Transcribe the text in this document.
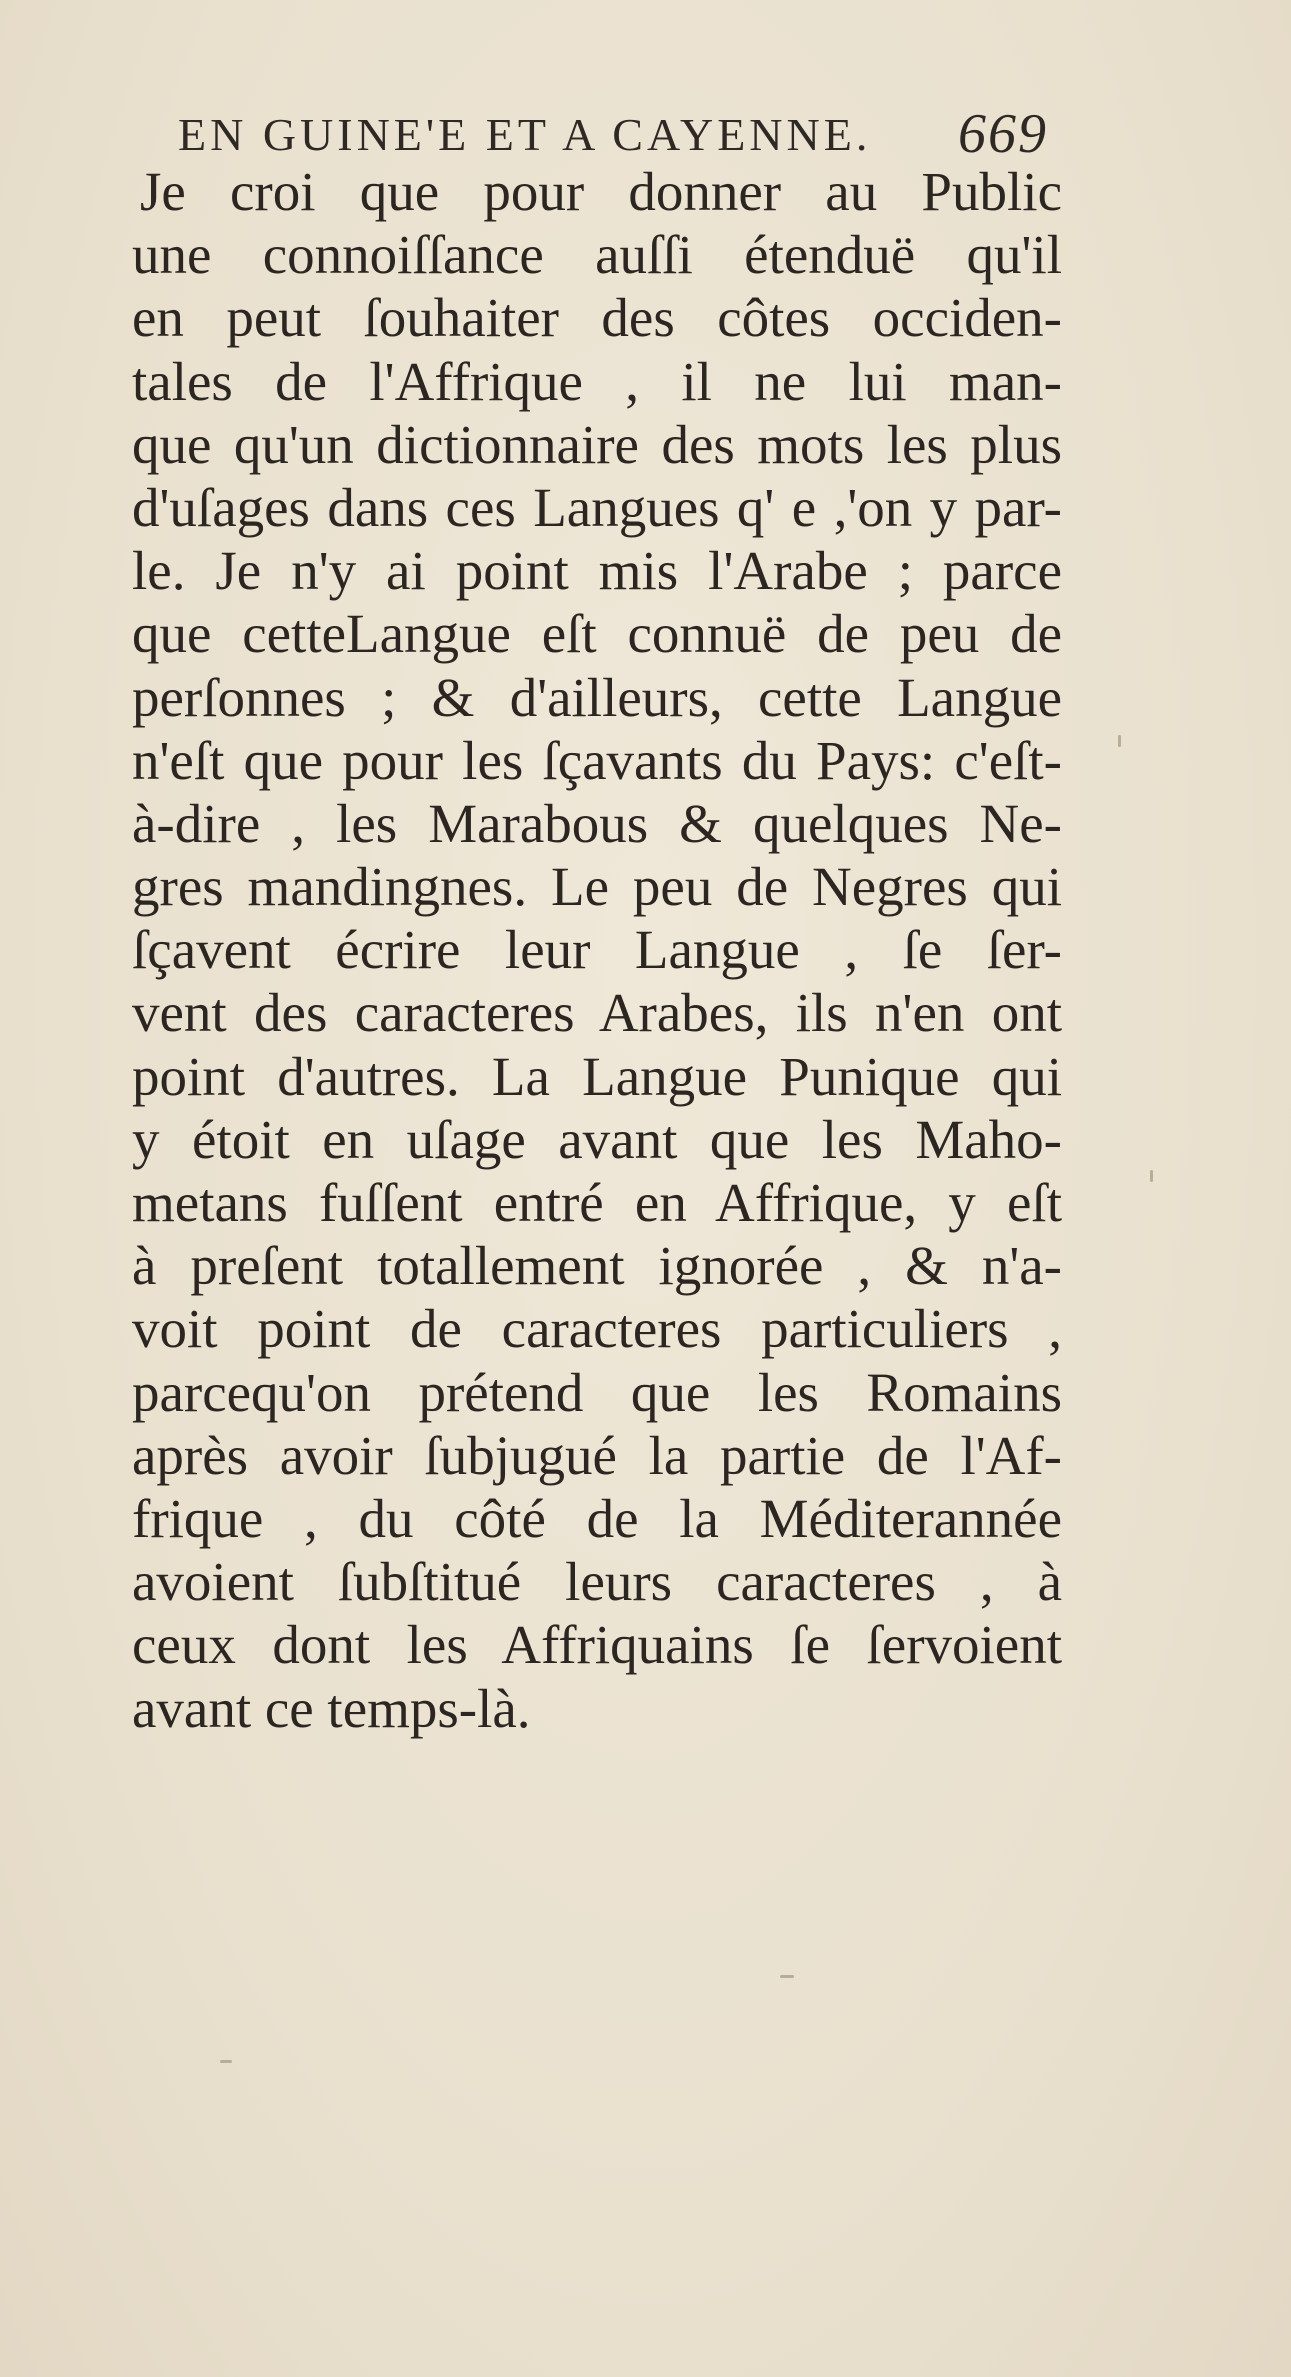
EN GUINE'E ET A CAYENNE. 669
Je croi que pour donner au Public
une connoiſſance auſſi étenduë qu'il
en peut ſouhaiter des côtes occiden-
tales de l'Affrique , il ne lui man-
que qu'un dictionnaire des mots les plus
d'uſages dans ces Langues q' e ,'on y par-
le. Je n'y ai point mis l'Arabe ; parce
que cetteLangue eſt connuë de peu de
perſonnes ; & d'ailleurs, cette Langue
n'eſt que pour les ſçavants du Pays: c'eſt-
à-dire , les Marabous & quelques Ne-
gres mandingnes. Le peu de Negres qui
ſçavent écrire leur Langue , ſe ſer-
vent des caracteres Arabes, ils n'en ont
point d'autres. La Langue Punique qui
y étoit en uſage avant que les Maho-
metans fuſſent entré en Affrique, y eſt
à preſent totallement ignorée , & n'a-
voit point de caracteres particuliers ,
parcequ'on prétend que les Romains
après avoir ſubjugué la partie de l'Af-
frique , du côté de la Méditerannée
avoient ſubſtitué leurs caracteres , à
ceux dont les Affriquains ſe ſervoient
avant ce temps-là.
